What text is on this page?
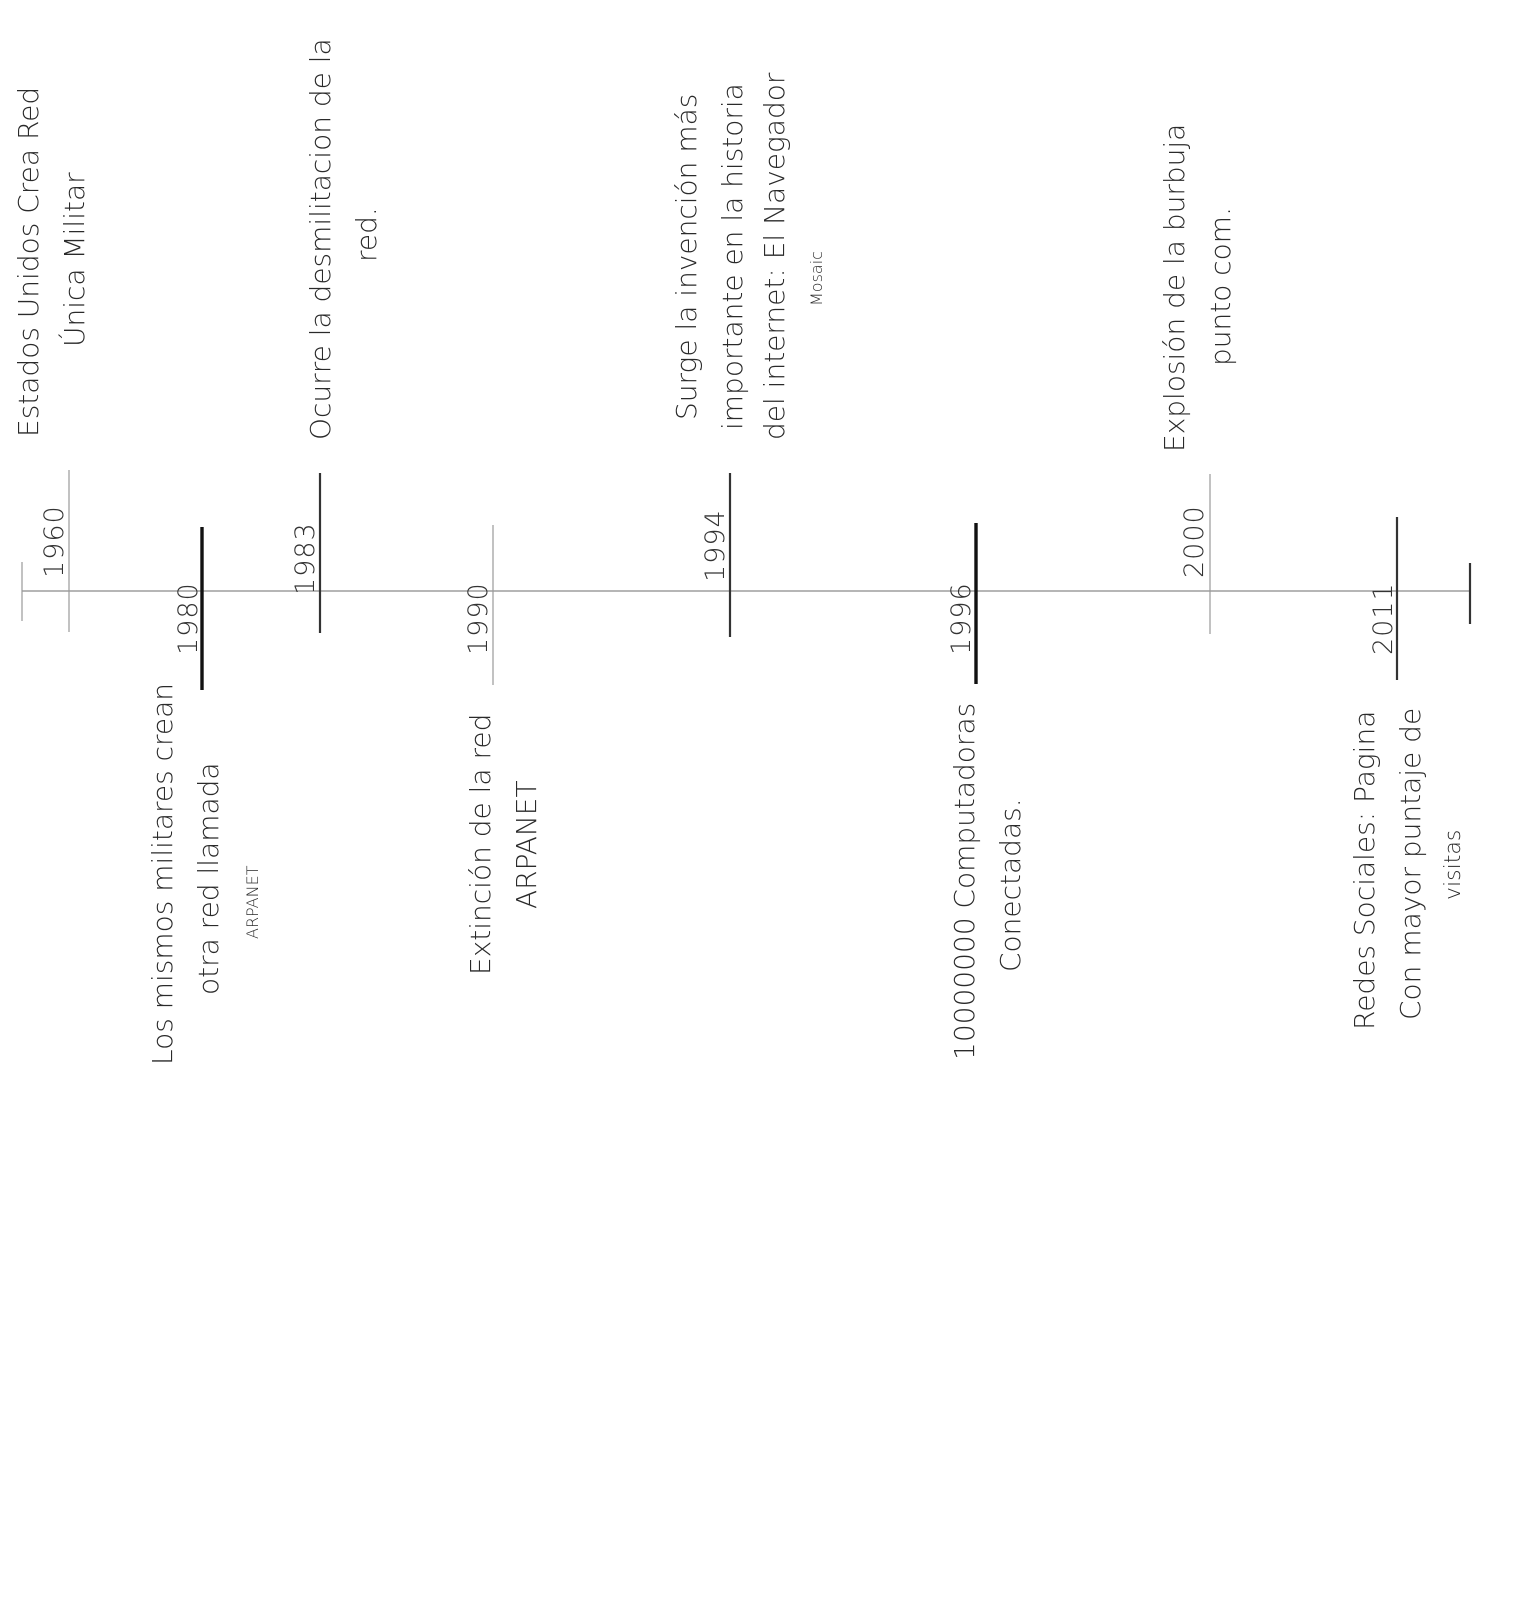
1960
Estados Unidos Crea Red Única Militar
1980
Los mismos militares crean otra red llamada ARPANET
1983
Ocurre la desmilitacion de la red.
1990
Extinción de la red ARPANET
1994
Surge la invención más importante en la historia del internet: El Navegador Mosaic
1996
10000000 Computadoras Conectadas.
2000
Explosión de la burbuja punto com.
2011
Redes Sociales: Pagina Con mayor puntaje de visitas
